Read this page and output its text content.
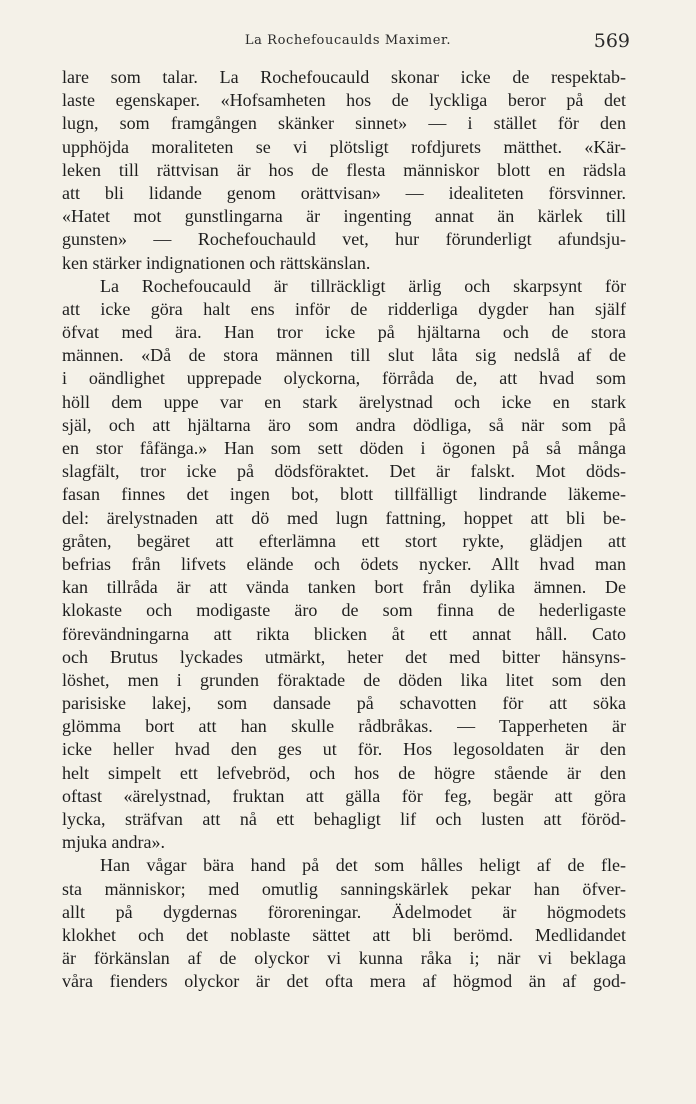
La Rochefoucaulds Maximer.	569
lare som talar. La Rochefoucauld skonar icke de respektab-
laste egenskaper. «Hofsamheten hos de lyckliga beror på det
lugn, som framgången skänker sinnet» — i stället för den
upphöjda moraliteten se vi plötsligt rofdjurets mätthet. «Kär-
leken till rättvisan är hos de flesta människor blott en rädsla
att bli lidande genom orättvisan» — idealiteten försvinner.
«Hatet mot gunstlingarna är ingenting annat än kärlek till
gunsten» — Rochefouchauld vet, hur förunderligt afundsju-
ken stärker indignationen och rättskänslan.
La Rochefoucauld är tillräckligt ärlig och skarpsynt för
att icke göra halt ens inför de ridderliga dygder han själf
öfvat med ära. Han tror icke på hjältarna och de stora
männen. «Då de stora männen till slut låta sig nedslå af de
i oändlighet upprepade olyckorna, förråda de, att hvad som
höll dem uppe var en stark ärelystnad och icke en stark
själ, och att hjältarna äro som andra dödliga, så när som på
en stor fåfänga.» Han som sett döden i ögonen på så många
slagfält, tror icke på dödsföraktet. Det är falskt. Mot döds-
fasan finnes det ingen bot, blott tillfälligt lindrande läkeme-
del: ärelystnaden att dö med lugn fattning, hoppet att bli be-
gråten, begäret att efterlämna ett stort rykte, glädjen att
befrias från lifvets elände och ödets nycker. Allt hvad man
kan tillråda är att vända tanken bort från dylika ämnen. De
klokaste och modigaste äro de som finna de hederligaste
förevändningarna att rikta blicken åt ett annat håll. Cato
och Brutus lyckades utmärkt, heter det med bitter hänsyns-
löshet, men i grunden föraktade de döden lika litet som den
parisiske lakej, som dansade på schavotten för att söka
glömma bort att han skulle rådbråkas. — Tapperheten är
icke heller hvad den ges ut för. Hos legosoldaten är den
helt simpelt ett lefvebröd, och hos de högre stående är den
oftast «ärelystnad, fruktan att gälla för feg, begär att göra
lycka, sträfvan att nå ett behagligt lif och lusten att föröd-
mjuka andra».
Han vågar bära hand på det som hålles heligt af de fle-
sta människor; med omutlig sanningskärlek pekar han öfver-
allt på dygdernas föroreningar. Ädelmodet är högmodets
klokhet och det noblaste sättet att bli berömd. Medlidandet
är förkänslan af de olyckor vi kunna råka i; när vi beklaga
våra fienders olyckor är det ofta mera af högmod än af god-
